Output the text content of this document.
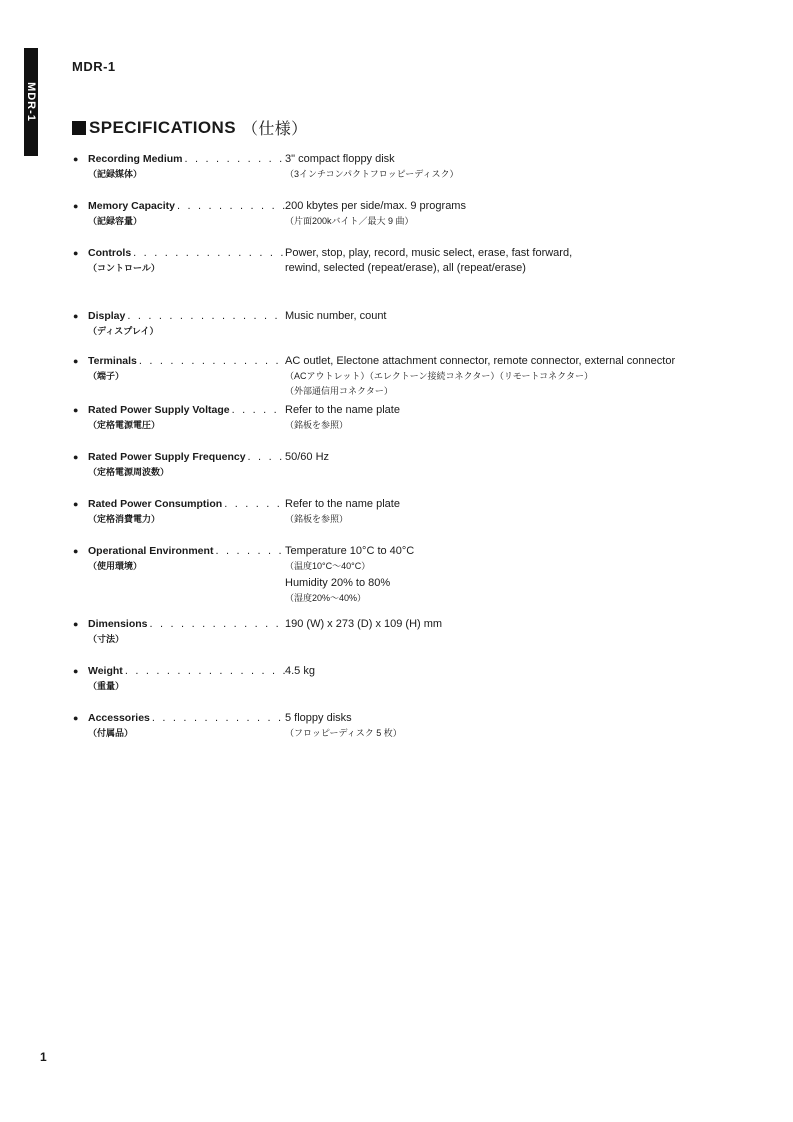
MDR-1
MDR-1
SPECIFICATIONS （仕様）
● Recording Medium
. . .
（記録媒体）
3" compact floppy disk
（3インチコンパクトフロッピーディスク）
● Memory Capacity
. . .
（記録容量）
200 kbytes per side/max. 9 programs
（片面200kバイト／最大 9 曲）
● Controls
. . .
（コントロール）
Power, stop, play, record, music select, erase, fast forward,
rewind, selected (repeat/erase), all (repeat/erase)
● Display
. . .
（ディスプレイ）
Music number, count
● Terminals
. . .
（端子）
AC outlet, Electone attachment connector, remote connector, external connector
（ACアウトレット）（エレクトーン接続コネクター）（リモートコネクター）
（外部通信用コネクター）
● Rated Power Supply Voltage
. . .
（定格電源電圧）
Refer to the name plate
（銘板を参照）
● Rated Power Supply Frequency
. . .
（定格電源周波数）
50/60 Hz
● Rated Power Consumption
. . .
（定格消費電力）
Refer to the name plate
（銘板を参照）
● Operational Environment
. . .
（使用環境）
Temperature 10°C to 40°C
（温度10°C～40°C）
Humidity 20% to 80%
（湿度20%～40%）
● Dimensions
. . .
（寸法）
190 (W) x 273 (D) x 109 (H) mm
● Weight
. . .
（重量）
4.5 kg
● Accessories
. . .
（付属品）
5 floppy disks
（フロッピーディスク 5 枚）
1
